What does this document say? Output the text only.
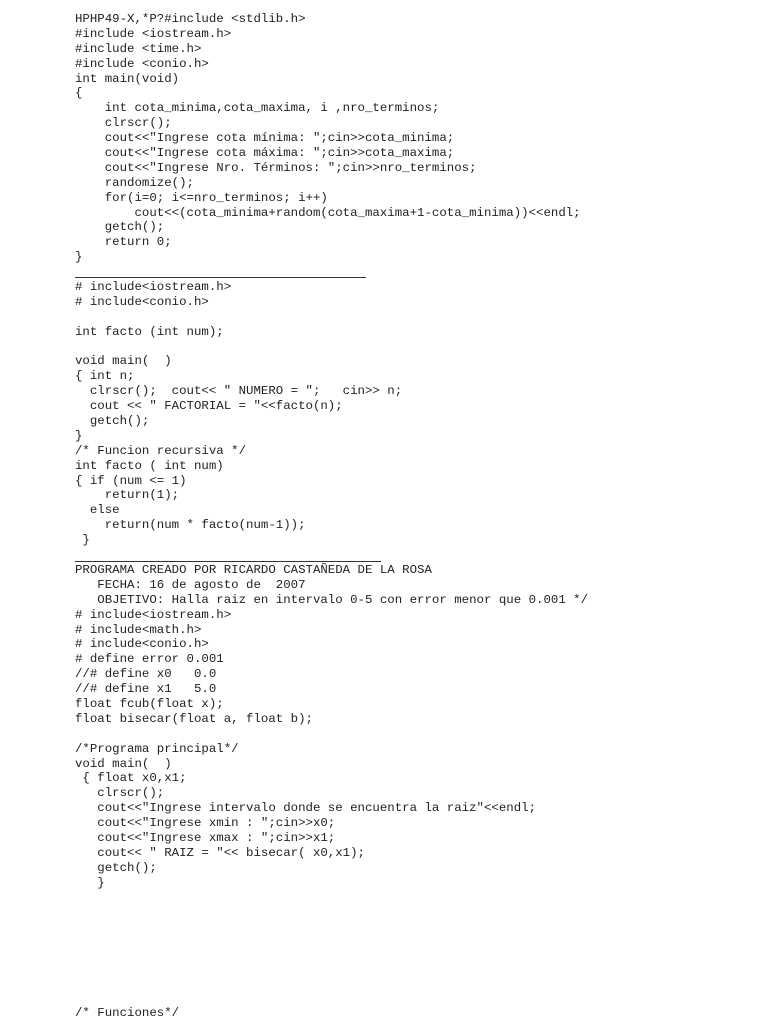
HPHP49-X,*P?#include <stdlib.h>
#include <iostream.h>
#include <time.h>
#include <conio.h>
int main(void)
{
int cota_minima,cota_maxima, i ,nro_terminos;
clrscr();
cout<<"Ingrese cota mínima: ";cin>>cota_minima;
cout<<"Ingrese cota máxima: ";cin>>cota_maxima;
cout<<"Ingrese Nro. Términos: ";cin>>nro_terminos;
randomize();
for(i=0; i<=nro_terminos; i++)
cout<<(cota_minima+random(cota_maxima+1-cota_minima))<<endl;
getch();
return 0;
}
# include<iostream.h>
# include<conio.h>
int facto (int num);
void main(  )
{ int n;
clrscr();  cout<< " NUMERO = ";   cin>> n;
cout << " FACTORIAL = "<<facto(n);
getch();
}
/* Funcion recursiva */
int facto ( int num)
{ if (num <= 1)
return(1);
else
return(num * facto(num-1));
}
PROGRAMA CREADO POR RICARDO CASTAÑEDA DE LA ROSA
FECHA: 16 de agosto de  2007
OBJETIVO: Halla raiz en intervalo 0-5 con error menor que 0.001 */
# include<iostream.h>
# include<math.h>
# include<conio.h>
# define error 0.001
//# define x0   0.0
//# define x1   5.0
float fcub(float x);
float bisecar(float a, float b);
/*Programa principal*/
void main(  )
{ float x0,x1;
clrscr();
cout<<"Ingrese intervalo donde se encuentra la raiz"<<endl;
cout<<"Ingrese xmin : ";cin>>x0;
cout<<"Ingrese xmax : ";cin>>x1;
cout<< " RAIZ = "<< bisecar( x0,x1);
getch();
}
/* Funciones*/
